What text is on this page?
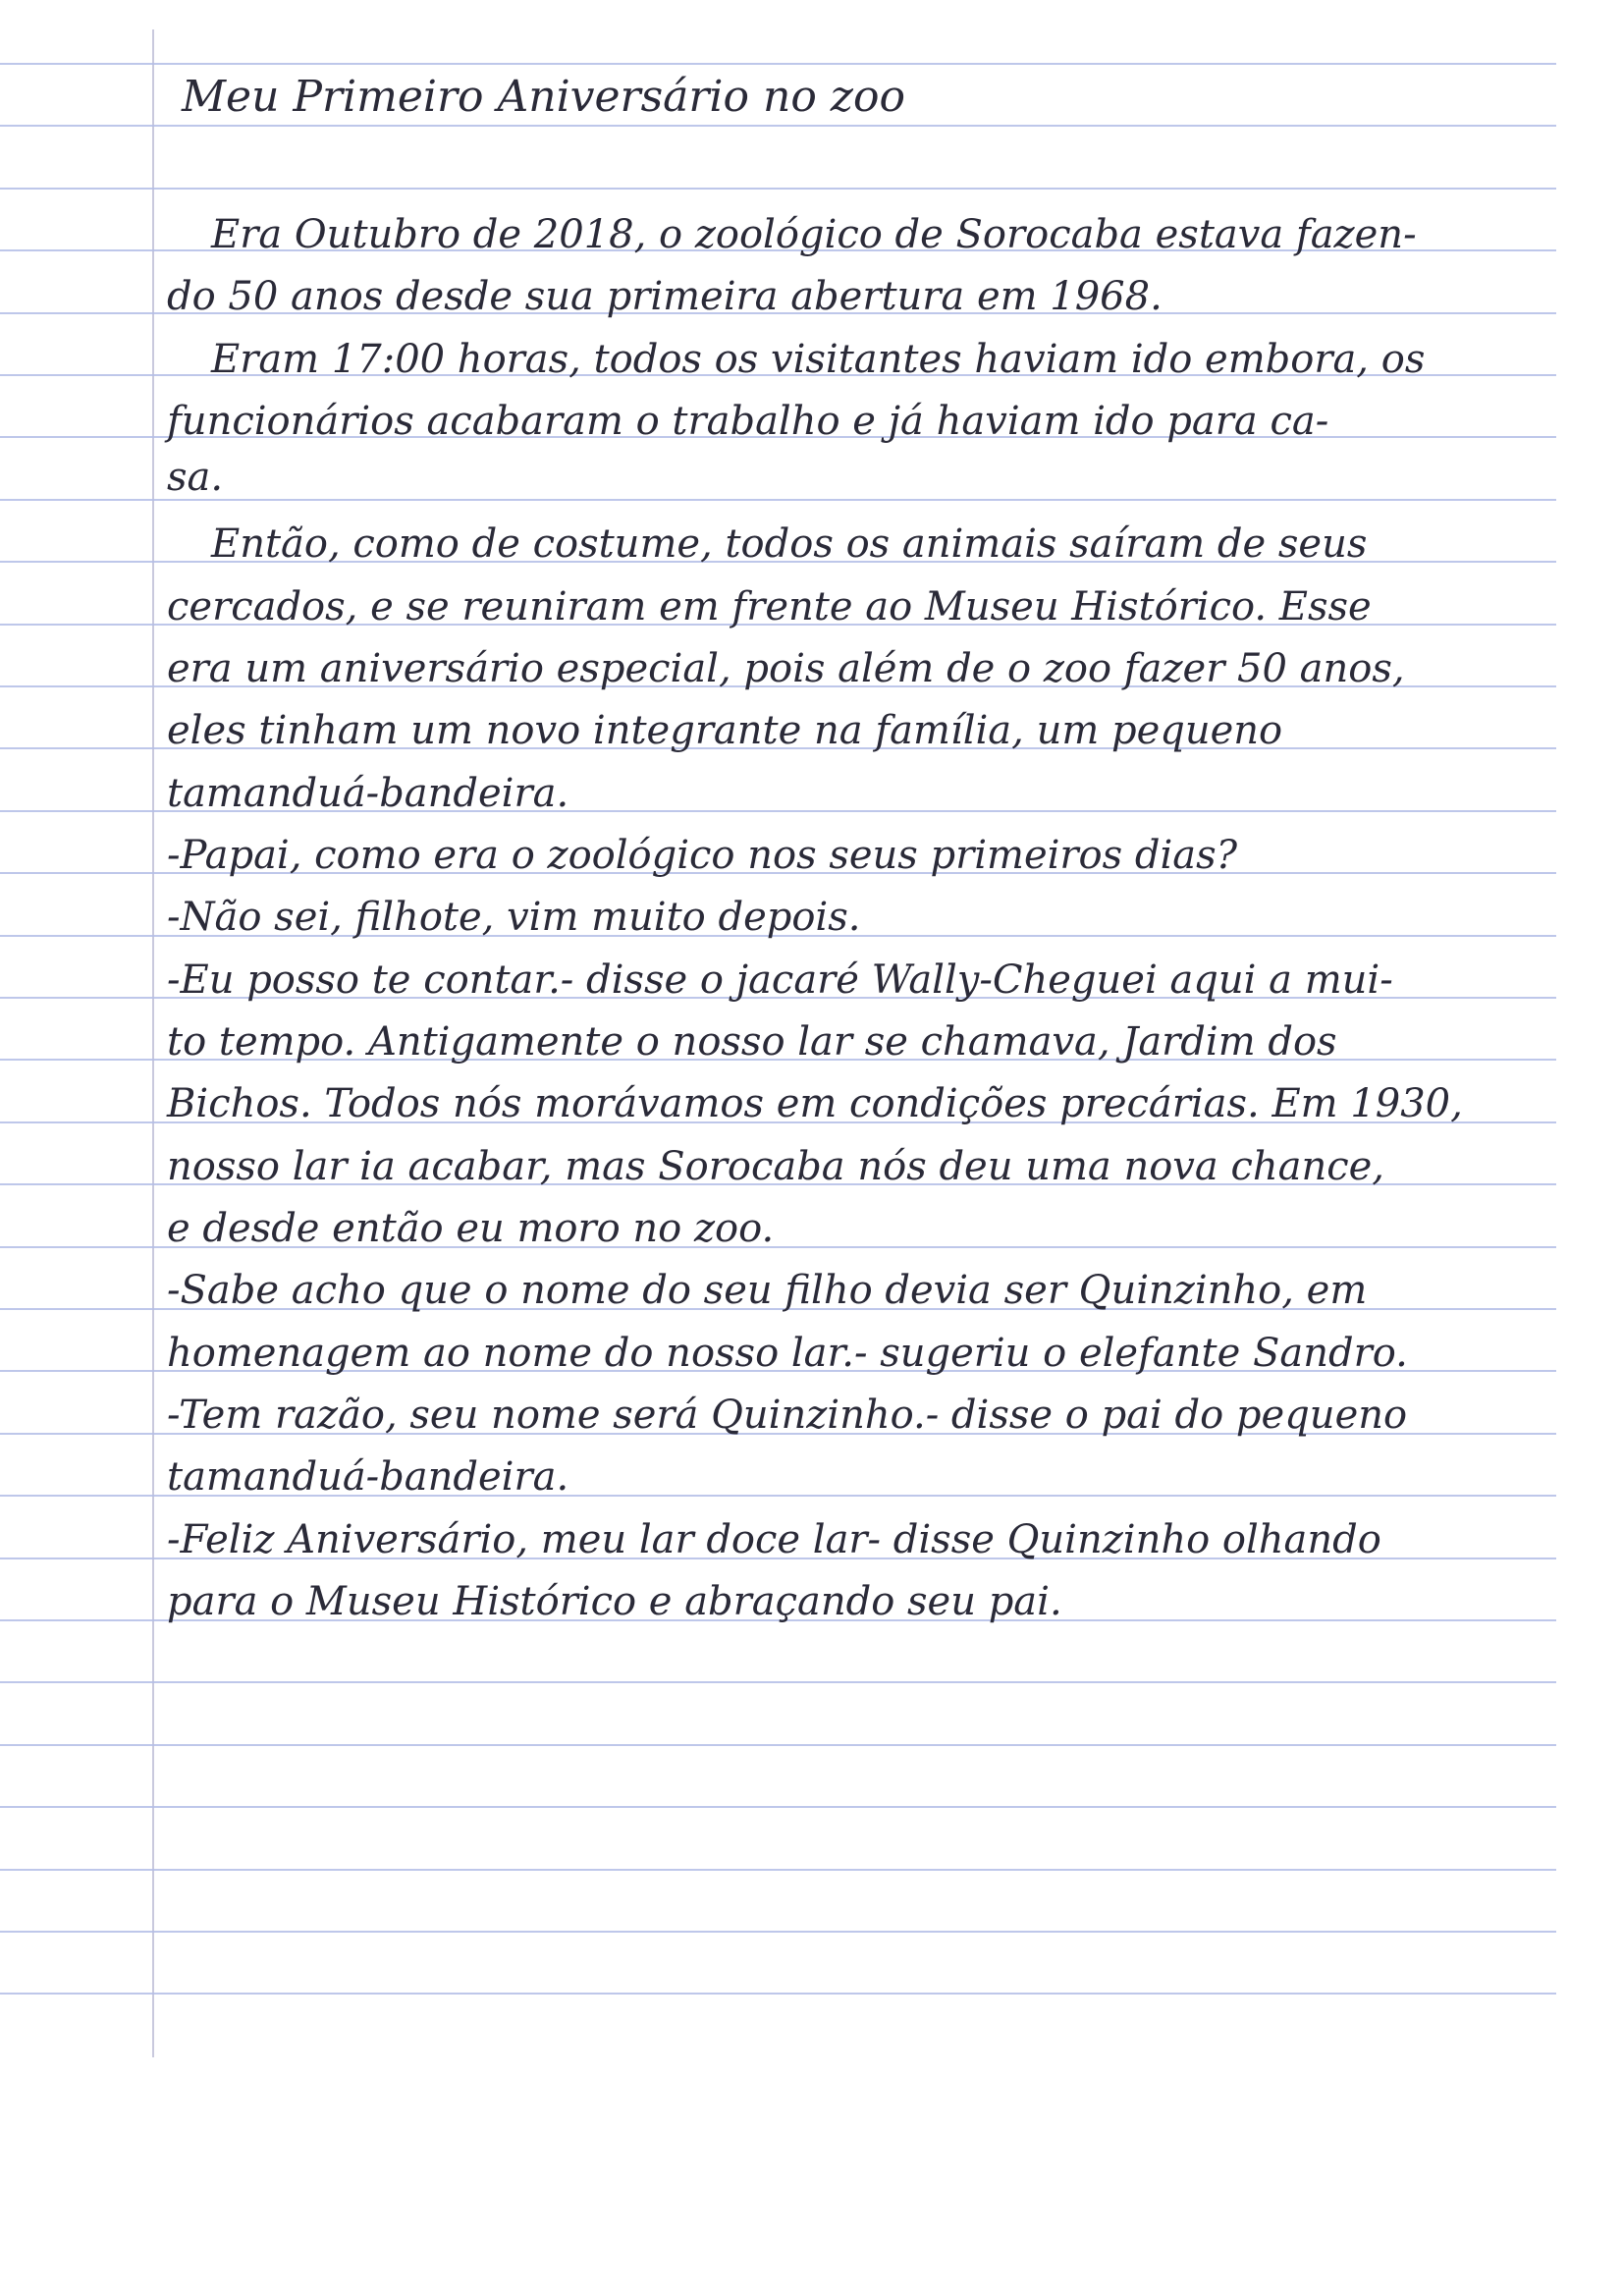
Meu Primeiro Aniversário no zoo

Era Outubro de 2018, o zoológico de Sorocaba estava fazen-

do 50 anos desde sua primeira abertura em 1968.

Eram 17:00 horas, todos os visitantes haviam ido embora, os

funcionários acabaram o trabalho e já haviam ido para ca-

sa.

Então, como de costume, todos os animais saíram de seus

cercados, e se reuniram em frente ao Museu Histórico. Esse

era um aniversário especial, pois além de o zoo fazer 50 anos,

eles tinham um novo integrante na família, um pequeno

tamanduá-bandeira.

-Papai, como era o zoológico nos seus primeiros dias?

-Não sei, filhote, vim muito depois.

-Eu posso te contar.- disse o jacaré Wally-Cheguei aqui a mui-

to tempo. Antigamente o nosso lar se chamava, Jardim dos

Bichos. Todos nós morávamos em condições precárias. Em 1930,

nosso lar ia acabar, mas Sorocaba nós deu uma nova chance,

e desde então eu moro no zoo.

-Sabe acho que o nome do seu filho devia ser Quinzinho, em

homenagem ao nome do nosso lar.- sugeriu o elefante Sandro.

-Tem razão, seu nome será Quinzinho.- disse o pai do pequeno

tamanduá-bandeira.

-Feliz Aniversário, meu lar doce lar- disse Quinzinho olhando

para o Museu Histórico e abraçando seu pai.
